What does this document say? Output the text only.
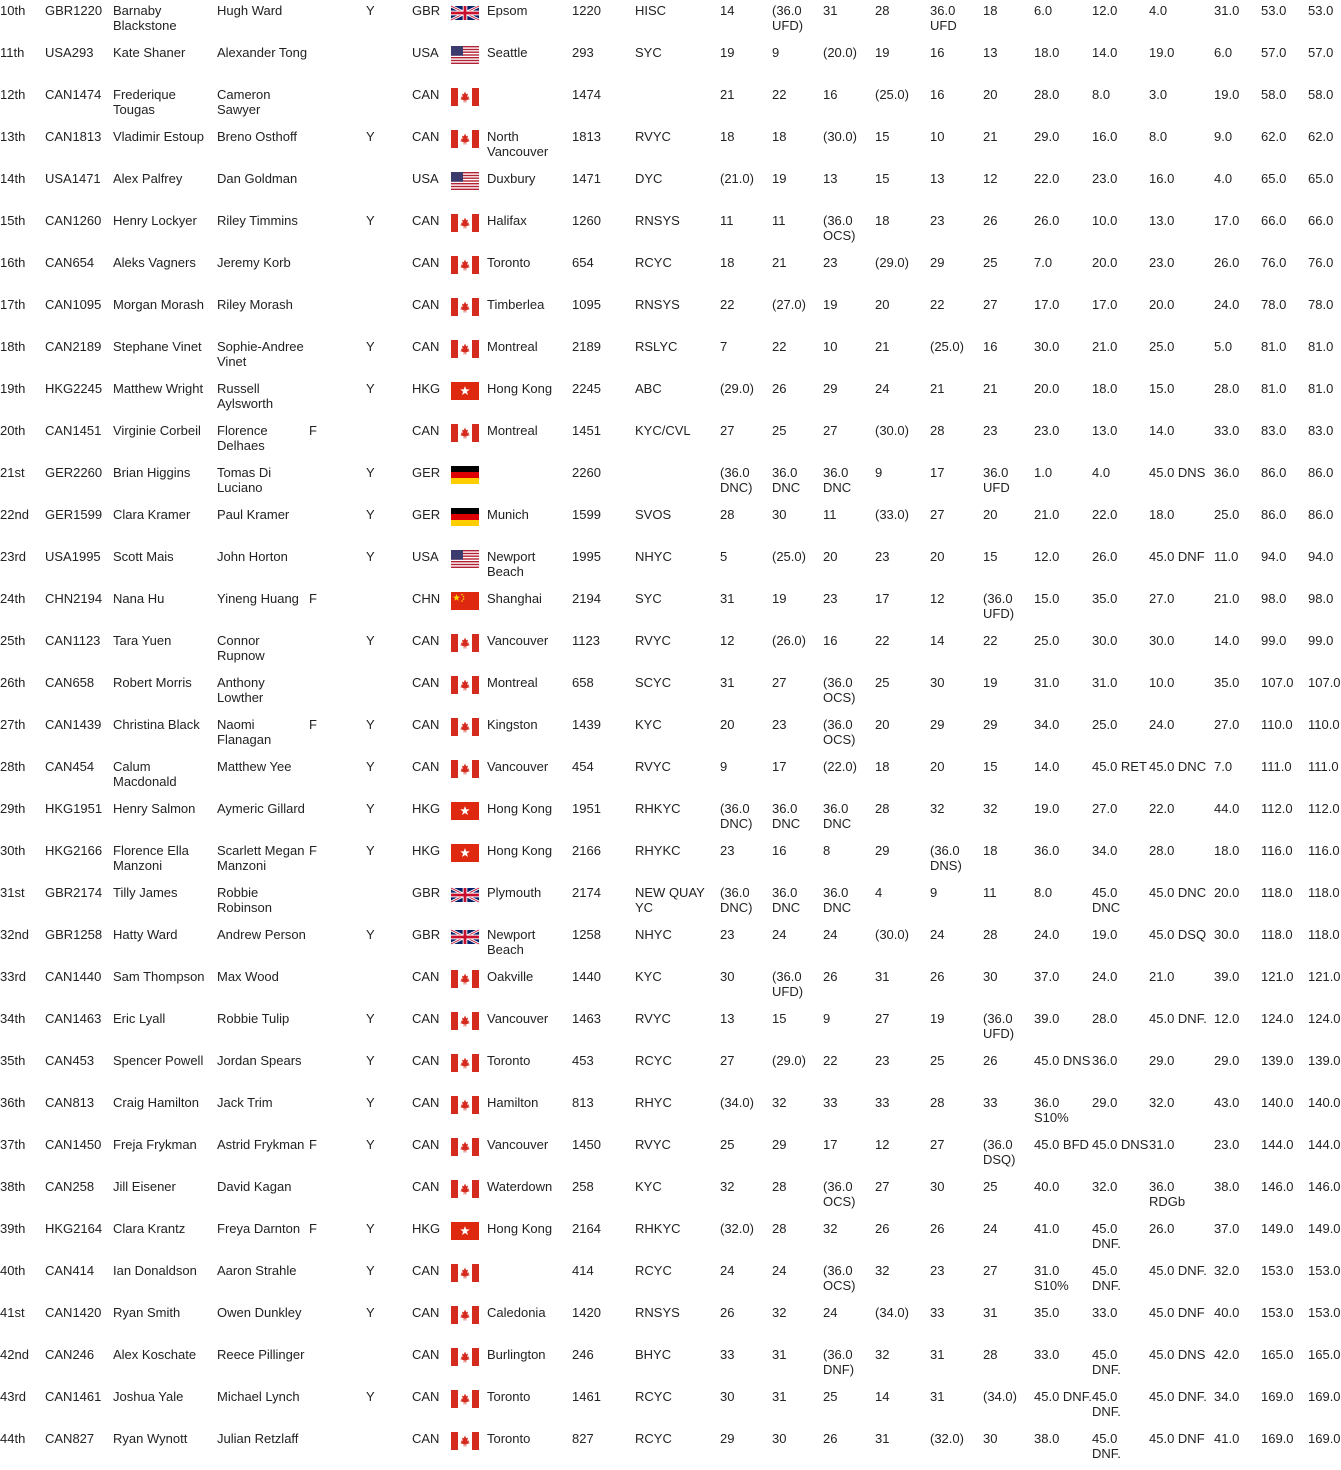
10th	GBR1220	Barnaby Blackstone	Hugh Ward		Y	GBR		Epsom	1220	HISC	14	(36.0 UFD)	31	28	36.0 UFD	18	6.0	12.0	4.0	31.0	53.0	53.0
11th	USA293	Kate Shaner	Alexander Tong			USA		Seattle	293	SYC	19	9	(20.0)	19	16	13	18.0	14.0	19.0	6.0	57.0	57.0
12th	CAN1474	Frederique Tougas	Cameron Sawyer			CAN			1474		21	22	16	(25.0)	16	20	28.0	8.0	3.0	19.0	58.0	58.0
13th	CAN1813	Vladimir Estoup	Breno Osthoff		Y	CAN		North Vancouver	1813	RVYC	18	18	(30.0)	15	10	21	29.0	16.0	8.0	9.0	62.0	62.0
14th	USA1471	Alex Palfrey	Dan Goldman			USA		Duxbury	1471	DYC	(21.0)	19	13	15	13	12	22.0	23.0	16.0	4.0	65.0	65.0
15th	CAN1260	Henry Lockyer	Riley Timmins		Y	CAN		Halifax	1260	RNSYS	11	11	(36.0 OCS)	18	23	26	26.0	10.0	13.0	17.0	66.0	66.0
16th	CAN654	Aleks Vagners	Jeremy Korb			CAN		Toronto	654	RCYC	18	21	23	(29.0)	29	25	7.0	20.0	23.0	26.0	76.0	76.0
17th	CAN1095	Morgan Morash	Riley Morash			CAN		Timberlea	1095	RNSYS	22	(27.0)	19	20	22	27	17.0	17.0	20.0	24.0	78.0	78.0
18th	CAN2189	Stephane Vinet	Sophie-Andree Vinet		Y	CAN		Montreal	2189	RSLYC	7	22	10	21	(25.0)	16	30.0	21.0	25.0	5.0	81.0	81.0
19th	HKG2245	Matthew Wright	Russell Aylsworth		Y	HKG		Hong Kong	2245	ABC	(29.0)	26	29	24	21	21	20.0	18.0	15.0	28.0	81.0	81.0
20th	CAN1451	Virginie Corbeil	Florence Delhaes	F		CAN		Montreal	1451	KYC/CVL	27	25	27	(30.0)	28	23	23.0	13.0	14.0	33.0	83.0	83.0
21st	GER2260	Brian Higgins	Tomas Di Luciano		Y	GER			2260		(36.0 DNC)	36.0 DNC	36.0 DNC	9	17	36.0 UFD	1.0	4.0	45.0 DNS	36.0	86.0	86.0
22nd	GER1599	Clara Kramer	Paul Kramer		Y	GER		Munich	1599	SVOS	28	30	11	(33.0)	27	20	21.0	22.0	18.0	25.0	86.0	86.0
23rd	USA1995	Scott Mais	John Horton		Y	USA		Newport Beach	1995	NHYC	5	(25.0)	20	23	20	15	12.0	26.0	45.0 DNF	11.0	94.0	94.0
24th	CHN2194	Nana Hu	Yineng Huang	F		CHN		Shanghai	2194	SYC	31	19	23	17	12	(36.0 UFD)	15.0	35.0	27.0	21.0	98.0	98.0
25th	CAN1123	Tara Yuen	Connor Rupnow		Y	CAN		Vancouver	1123	RVYC	12	(26.0)	16	22	14	22	25.0	30.0	30.0	14.0	99.0	99.0
26th	CAN658	Robert Morris	Anthony Lowther			CAN		Montreal	658	SCYC	31	27	(36.0 OCS)	25	30	19	31.0	31.0	10.0	35.0	107.0	107.0
27th	CAN1439	Christina Black	Naomi Flanagan	F	Y	CAN		Kingston	1439	KYC	20	23	(36.0 OCS)	20	29	29	34.0	25.0	24.0	27.0	110.0	110.0
28th	CAN454	Calum Macdonald	Matthew Yee		Y	CAN		Vancouver	454	RVYC	9	17	(22.0)	18	20	15	14.0	45.0 RET	45.0 DNC	7.0	111.0	111.0
29th	HKG1951	Henry Salmon	Aymeric Gillard		Y	HKG		Hong Kong	1951	RHKYC	(36.0 DNC)	36.0 DNC	36.0 DNC	28	32	32	19.0	27.0	22.0	44.0	112.0	112.0
30th	HKG2166	Florence Ella Manzoni	Scarlett Megan Manzoni	F	Y	HKG		Hong Kong	2166	RHYKC	23	16	8	29	(36.0 DNS)	18	36.0	34.0	28.0	18.0	116.0	116.0
31st	GBR2174	Tilly James	Robbie Robinson			GBR		Plymouth	2174	NEW QUAY YC	(36.0 DNC)	36.0 DNC	36.0 DNC	4	9	11	8.0	45.0 DNC	45.0 DNC	20.0	118.0	118.0
32nd	GBR1258	Hatty Ward	Andrew Person		Y	GBR		Newport Beach	1258	NHYC	23	24	24	(30.0)	24	28	24.0	19.0	45.0 DSQ	30.0	118.0	118.0
33rd	CAN1440	Sam Thompson	Max Wood			CAN		Oakville	1440	KYC	30	(36.0 UFD)	26	31	26	30	37.0	24.0	21.0	39.0	121.0	121.0
34th	CAN1463	Eric Lyall	Robbie Tulip		Y	CAN		Vancouver	1463	RVYC	13	15	9	27	19	(36.0 UFD)	39.0	28.0	45.0 DNF.	12.0	124.0	124.0
35th	CAN453	Spencer Powell	Jordan Spears		Y	CAN		Toronto	453	RCYC	27	(29.0)	22	23	25	26	45.0 DNS	36.0	29.0	29.0	139.0	139.0
36th	CAN813	Craig Hamilton	Jack Trim		Y	CAN		Hamilton	813	RHYC	(34.0)	32	33	33	28	33	36.0 S10%	29.0	32.0	43.0	140.0	140.0
37th	CAN1450	Freja Frykman	Astrid Frykman	F	Y	CAN		Vancouver	1450	RVYC	25	29	17	12	27	(36.0 DSQ)	45.0 BFD	45.0 DNS	31.0	23.0	144.0	144.0
38th	CAN258	Jill Eisener	David Kagan			CAN		Waterdown	258	KYC	32	28	(36.0 OCS)	27	30	25	40.0	32.0	36.0 RDGb	38.0	146.0	146.0
39th	HKG2164	Clara Krantz	Freya Darnton	F	Y	HKG		Hong Kong	2164	RHKYC	(32.0)	28	32	26	26	24	41.0	45.0 DNF.	26.0	37.0	149.0	149.0
40th	CAN414	Ian Donaldson	Aaron Strahle		Y	CAN			414	RCYC	24	24	(36.0 OCS)	32	23	27	31.0 S10%	45.0 DNF.	45.0 DNF.	32.0	153.0	153.0
41st	CAN1420	Ryan Smith	Owen Dunkley		Y	CAN		Caledonia	1420	RNSYS	26	32	24	(34.0)	33	31	35.0	33.0	45.0 DNF	40.0	153.0	153.0
42nd	CAN246	Alex Koschate	Reece Pillinger			CAN		Burlington	246	BHYC	33	31	(36.0 DNF)	32	31	28	33.0	45.0 DNF.	45.0 DNS	42.0	165.0	165.0
43rd	CAN1461	Joshua Yale	Michael Lynch		Y	CAN		Toronto	1461	RCYC	30	31	25	14	31	(34.0)	45.0 DNF.	45.0 DNF.	45.0 DNF.	34.0	169.0	169.0
44th	CAN827	Ryan Wynott	Julian Retzlaff			CAN		Toronto	827	RCYC	29	30	26	31	(32.0)	30	38.0	45.0 DNF.	45.0 DNF	41.0	169.0	169.0
